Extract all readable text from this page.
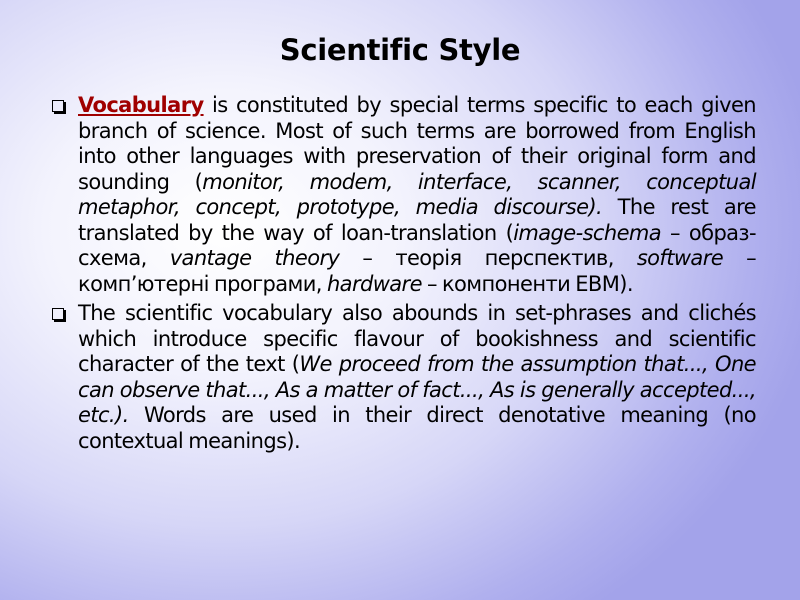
Scientific Style
Vocabulary is constituted by special terms specific to each given branch of science. Most of such terms are borrowed from English into other languages with preservation of their original form and sounding (monitor, modem, interface, scanner, conceptual metaphor, concept, prototype, media discourse). The rest are translated by the way of loan-translation (image-schema – образ-схема, vantage theory – теорія перспектив, software – комп’ютерні програми, hardware – компоненти ЕВМ).
The scientific vocabulary also abounds in set-phrases and clichés which introduce specific flavour of bookishness and scientific character of the text (We proceed from the assumption that..., One can observe that..., As a matter of fact..., As is generally accepted..., etc.). Words are used in their direct denotative meaning (no contextual meanings).
